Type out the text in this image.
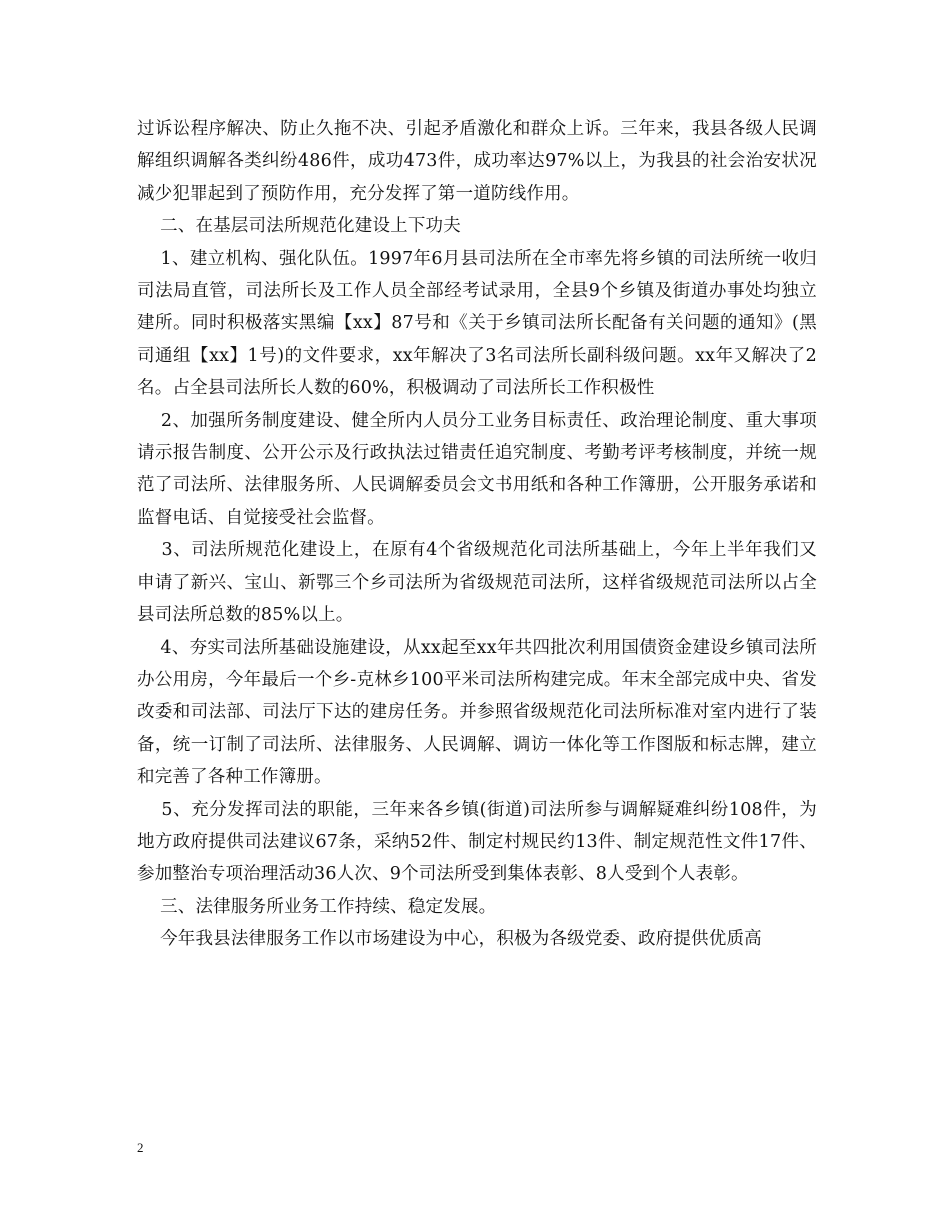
过诉讼程序解决、防止久拖不决、引起矛盾激化和群众上诉。三年来，我县各级人民调解组织调解各类纠纷486件，成功473件，成功率达97%以上，为我县的社会治安状况减少犯罪起到了预防作用，充分发挥了第一道防线作用。

二、在基层司法所规范化建设上下功夫

1、建立机构、强化队伍。1997年6月县司法所在全市率先将乡镇的司法所统一收归司法局直管，司法所长及工作人员全部经考试录用，全县9个乡镇及街道办事处均独立建所。同时积极落实黑编【xx】87号和《关于乡镇司法所长配备有关问题的通知》(黑司通组【xx】1号)的文件要求，xx年解决了3名司法所长副科级问题。xx年又解决了2名。占全县司法所长人数的60%，积极调动了司法所长工作积极性

2、加强所务制度建设、健全所内人员分工业务目标责任、政治理论制度、重大事项请示报告制度、公开公示及行政执法过错责任追究制度、考勤考评考核制度，并统一规范了司法所、法律服务所、人民调解委员会文书用纸和各种工作簿册，公开服务承诺和监督电话、自觉接受社会监督。

3、司法所规范化建设上，在原有4个省级规范化司法所基础上，今年上半年我们又申请了新兴、宝山、新鄂三个乡司法所为省级规范司法所，这样省级规范司法所以占全县司法所总数的85%以上。

4、夯实司法所基础设施建设，从xx起至xx年共四批次利用国债资金建设乡镇司法所办公用房，今年最后一个乡-克林乡100平米司法所构建完成。年末全部完成中央、省发改委和司法部、司法厅下达的建房任务。并参照省级规范化司法所标准对室内进行了装备，统一订制了司法所、法律服务、人民调解、调访一体化等工作图版和标志牌，建立和完善了各种工作簿册。

5、充分发挥司法的职能，三年来各乡镇(街道)司法所参与调解疑难纠纷108件，为地方政府提供司法建议67条，采纳52件、制定村规民约13件、制定规范性文件17件、参加整治专项治理活动36人次、9个司法所受到集体表彰、8人受到个人表彰。

三、法律服务所业务工作持续、稳定发展。

今年我县法律服务工作以市场建设为中心，积极为各级党委、政府提供优质高

2
